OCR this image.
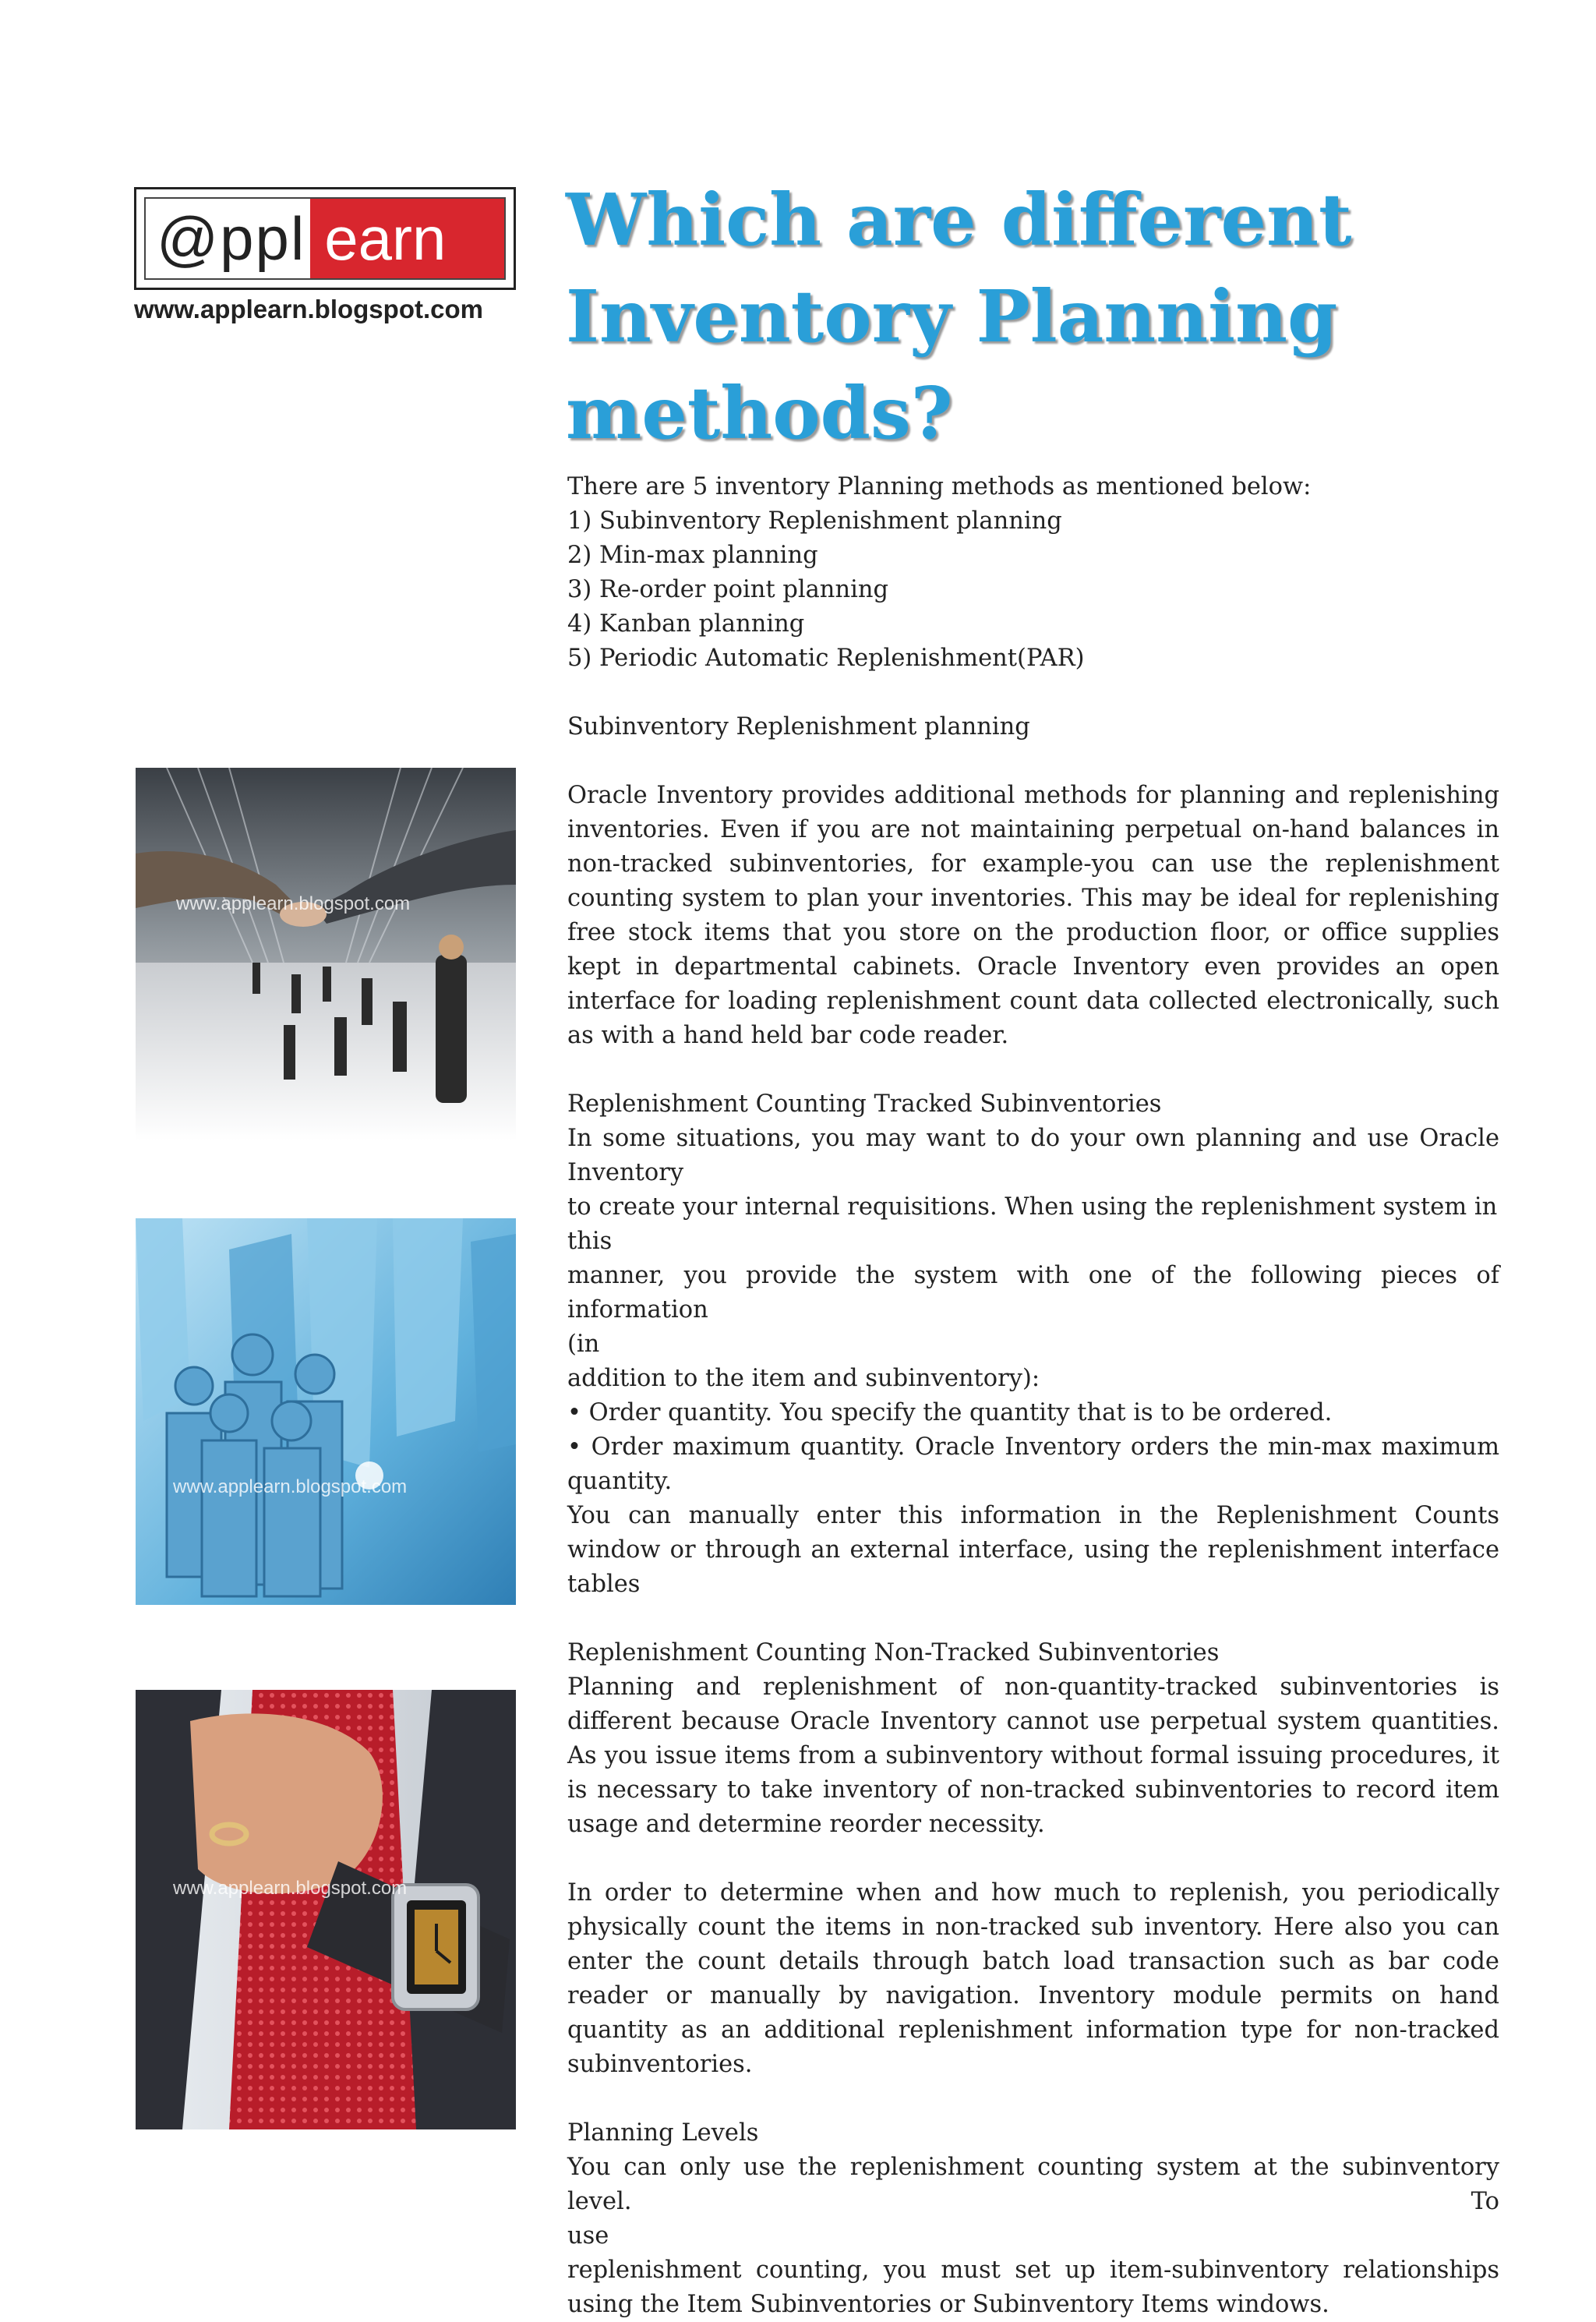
@ppl earn
www.applearn.blogspot.com
Which are different
Inventory Planning methods?
www.applearn.blogspot.com
www.applearn.blogspot.com
www.applearn.blogspot.com

There are 5 inventory Planning methods as mentioned below:

1) Subinventory Replenishment planning

2) Min-max planning

3) Re-order point planning

4) Kanban planning

5) Periodic Automatic Replenishment(PAR)

Subinventory Replenishment planning

Oracle Inventory provides additional methods for planning and replenishing inventories. Even if you are not maintaining perpetual on-hand balances in non-tracked subinventories, for example-you can use the replenishment counting system to plan your inventories. This may be ideal for replenishing free stock items that you store on the production floor, or office supplies kept in departmental cabinets. Oracle Inventory even provides an open interface for loading replenishment count data collected electronically, such as with a hand held bar code reader.

Replenishment Counting Tracked Subinventories

In some situations, you may want to do your own planning and use Oracle

Inventory

to create your internal requisitions. When using the replenishment system in this

manner, you provide the system with one of the following pieces of information

(in

addition to the item and subinventory):

• Order quantity. You specify the quantity that is to be ordered.

• Order maximum quantity. Oracle Inventory orders the min-max maximum quantity.

You can manually enter this information in the Replenishment Counts window or through an external interface, using the replenishment interface tables

Replenishment Counting Non-Tracked Subinventories

Planning and replenishment of non-quantity-tracked subinventories is different because Oracle Inventory cannot use perpetual system quantities. As you issue items from a subinventory without formal issuing procedures, it is necessary to take inventory of non-tracked subinventories to record item usage and determine reorder necessity.

In order to determine when and how much to replenish, you periodically physically count the items in non-tracked sub inventory. Here also you can enter the count details through batch load transaction such as bar code reader or manually by navigation. Inventory module permits on hand quantity as an additional replenishment information type for non-tracked subinventories.

Planning Levels

You can only use the replenishment counting system at the subinventory level. To

use

replenishment counting, you must set up item-subinventory relationships using the Item Subinventories or Subinventory Items windows.
